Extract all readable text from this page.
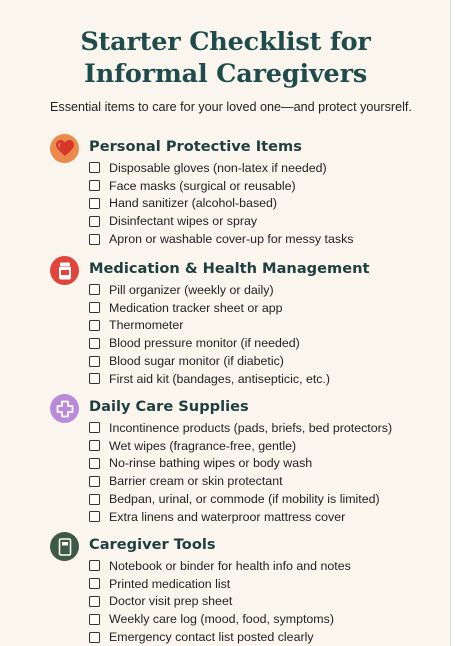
Starter Checklist for
Informal Caregivers

Essential items to care for your loved one—and protect yoursrelf.

Personal Protective Items
Disposable gloves (non-latex if needed)
Face masks (surgical or reusable)
Hand sanitizer (alcohol-based)
Disinfectant wipes or spray
Apron or washable cover-up for messy tasks
Medication & Health Management
Pill organizer (weekly or daily)
Medication tracker sheet or app
Thermometer
Blood pressure monitor (if needed)
Blood sugar monitor (if diabetic)
First aid kit (bandages, antisepticic, etc.)
Daily Care Supplies
Incontinence products (pads, briefs, bed protectors)
Wet wipes (fragrance-free, gentle)
No-rinse bathing wipes or body wash
Barrier cream or skin protectant
Bedpan, urinal, or commode (if mobility is limited)
Extra linens and waterproor mattress cover
Caregiver Tools
Notebook or binder for health info and notes
Printed medication list
Doctor visit prep sheet
Weekly care log (mood, food, symptoms)
Emergency contact list posted clearly
